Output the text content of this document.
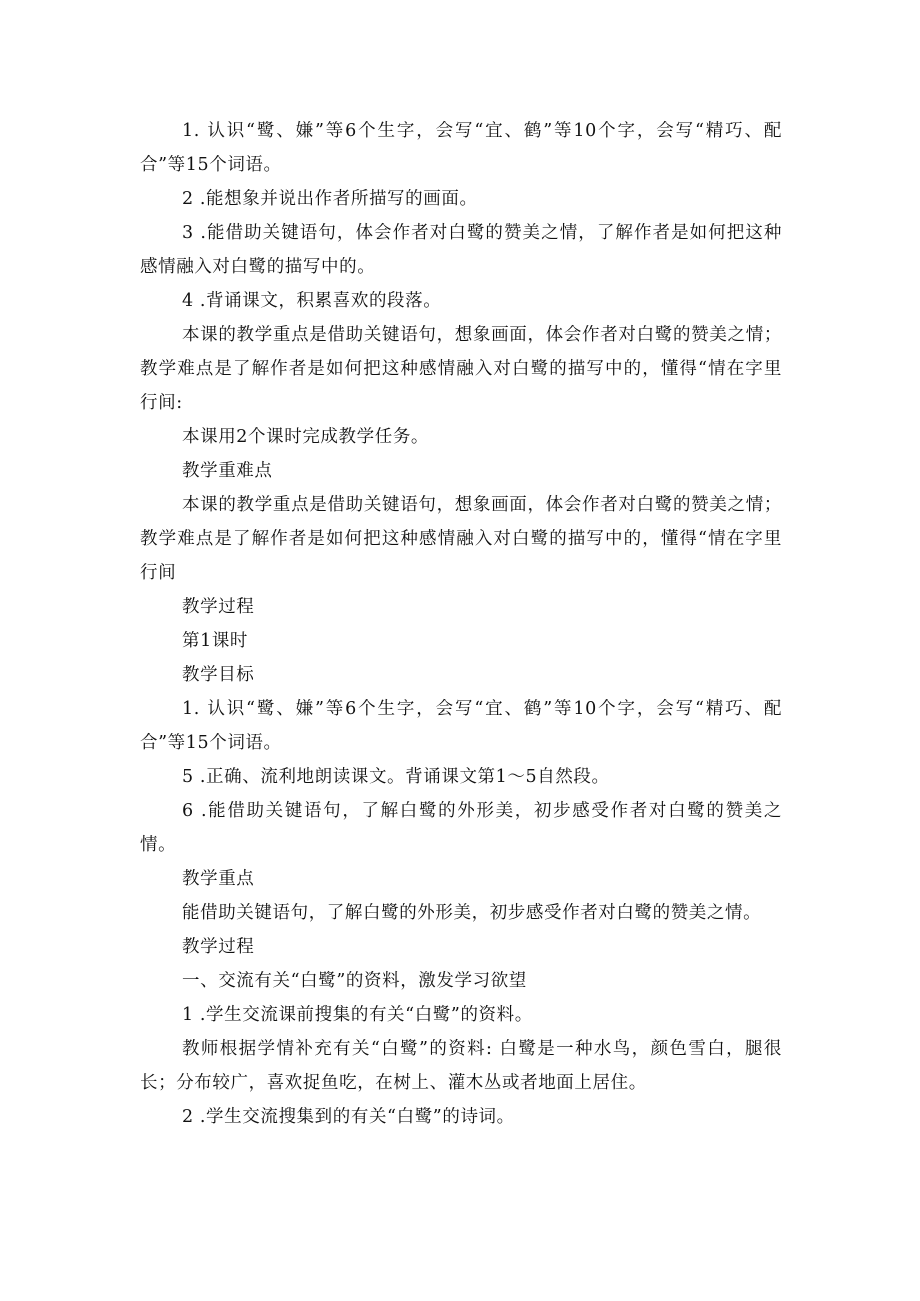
1. 认识“鹭、嫌”等6个生字，会写“宜、鹤”等10个字，会写“精巧、配合”等15个词语。

2 .能想象并说出作者所描写的画面。

3 .能借助关键语句，体会作者对白鹭的赞美之情，了解作者是如何把这种感情融入对白鹭的描写中的。

4 .背诵课文，积累喜欢的段落。

本课的教学重点是借助关键语句，想象画面，体会作者对白鹭的赞美之情；教学难点是了解作者是如何把这种感情融入对白鹭的描写中的，懂得“情在字里行间:

本课用2个课时完成教学任务。

教学重难点

本课的教学重点是借助关键语句，想象画面，体会作者对白鹭的赞美之情；教学难点是了解作者是如何把这种感情融入对白鹭的描写中的，懂得“情在字里行间

教学过程

第1课时

教学目标

1. 认识“鹭、嫌”等6个生字，会写“宜、鹤”等10个字，会写“精巧、配合”等15个词语。

5 .正确、流利地朗读课文。背诵课文第1〜5自然段。

6 .能借助关键语句，了解白鹭的外形美，初步感受作者对白鹭的赞美之情。

教学重点

能借助关键语句，了解白鹭的外形美，初步感受作者对白鹭的赞美之情。

教学过程

一、交流有关“白鹭”的资料，激发学习欲望

1 .学生交流课前搜集的有关“白鹭”的资料。

教师根据学情补充有关“白鹭”的资料: 白鹭是一种水鸟，颜色雪白，腿很长；分布较广，喜欢捉鱼吃，在树上、灌木丛或者地面上居住。

2 .学生交流搜集到的有关“白鹭”的诗词。
